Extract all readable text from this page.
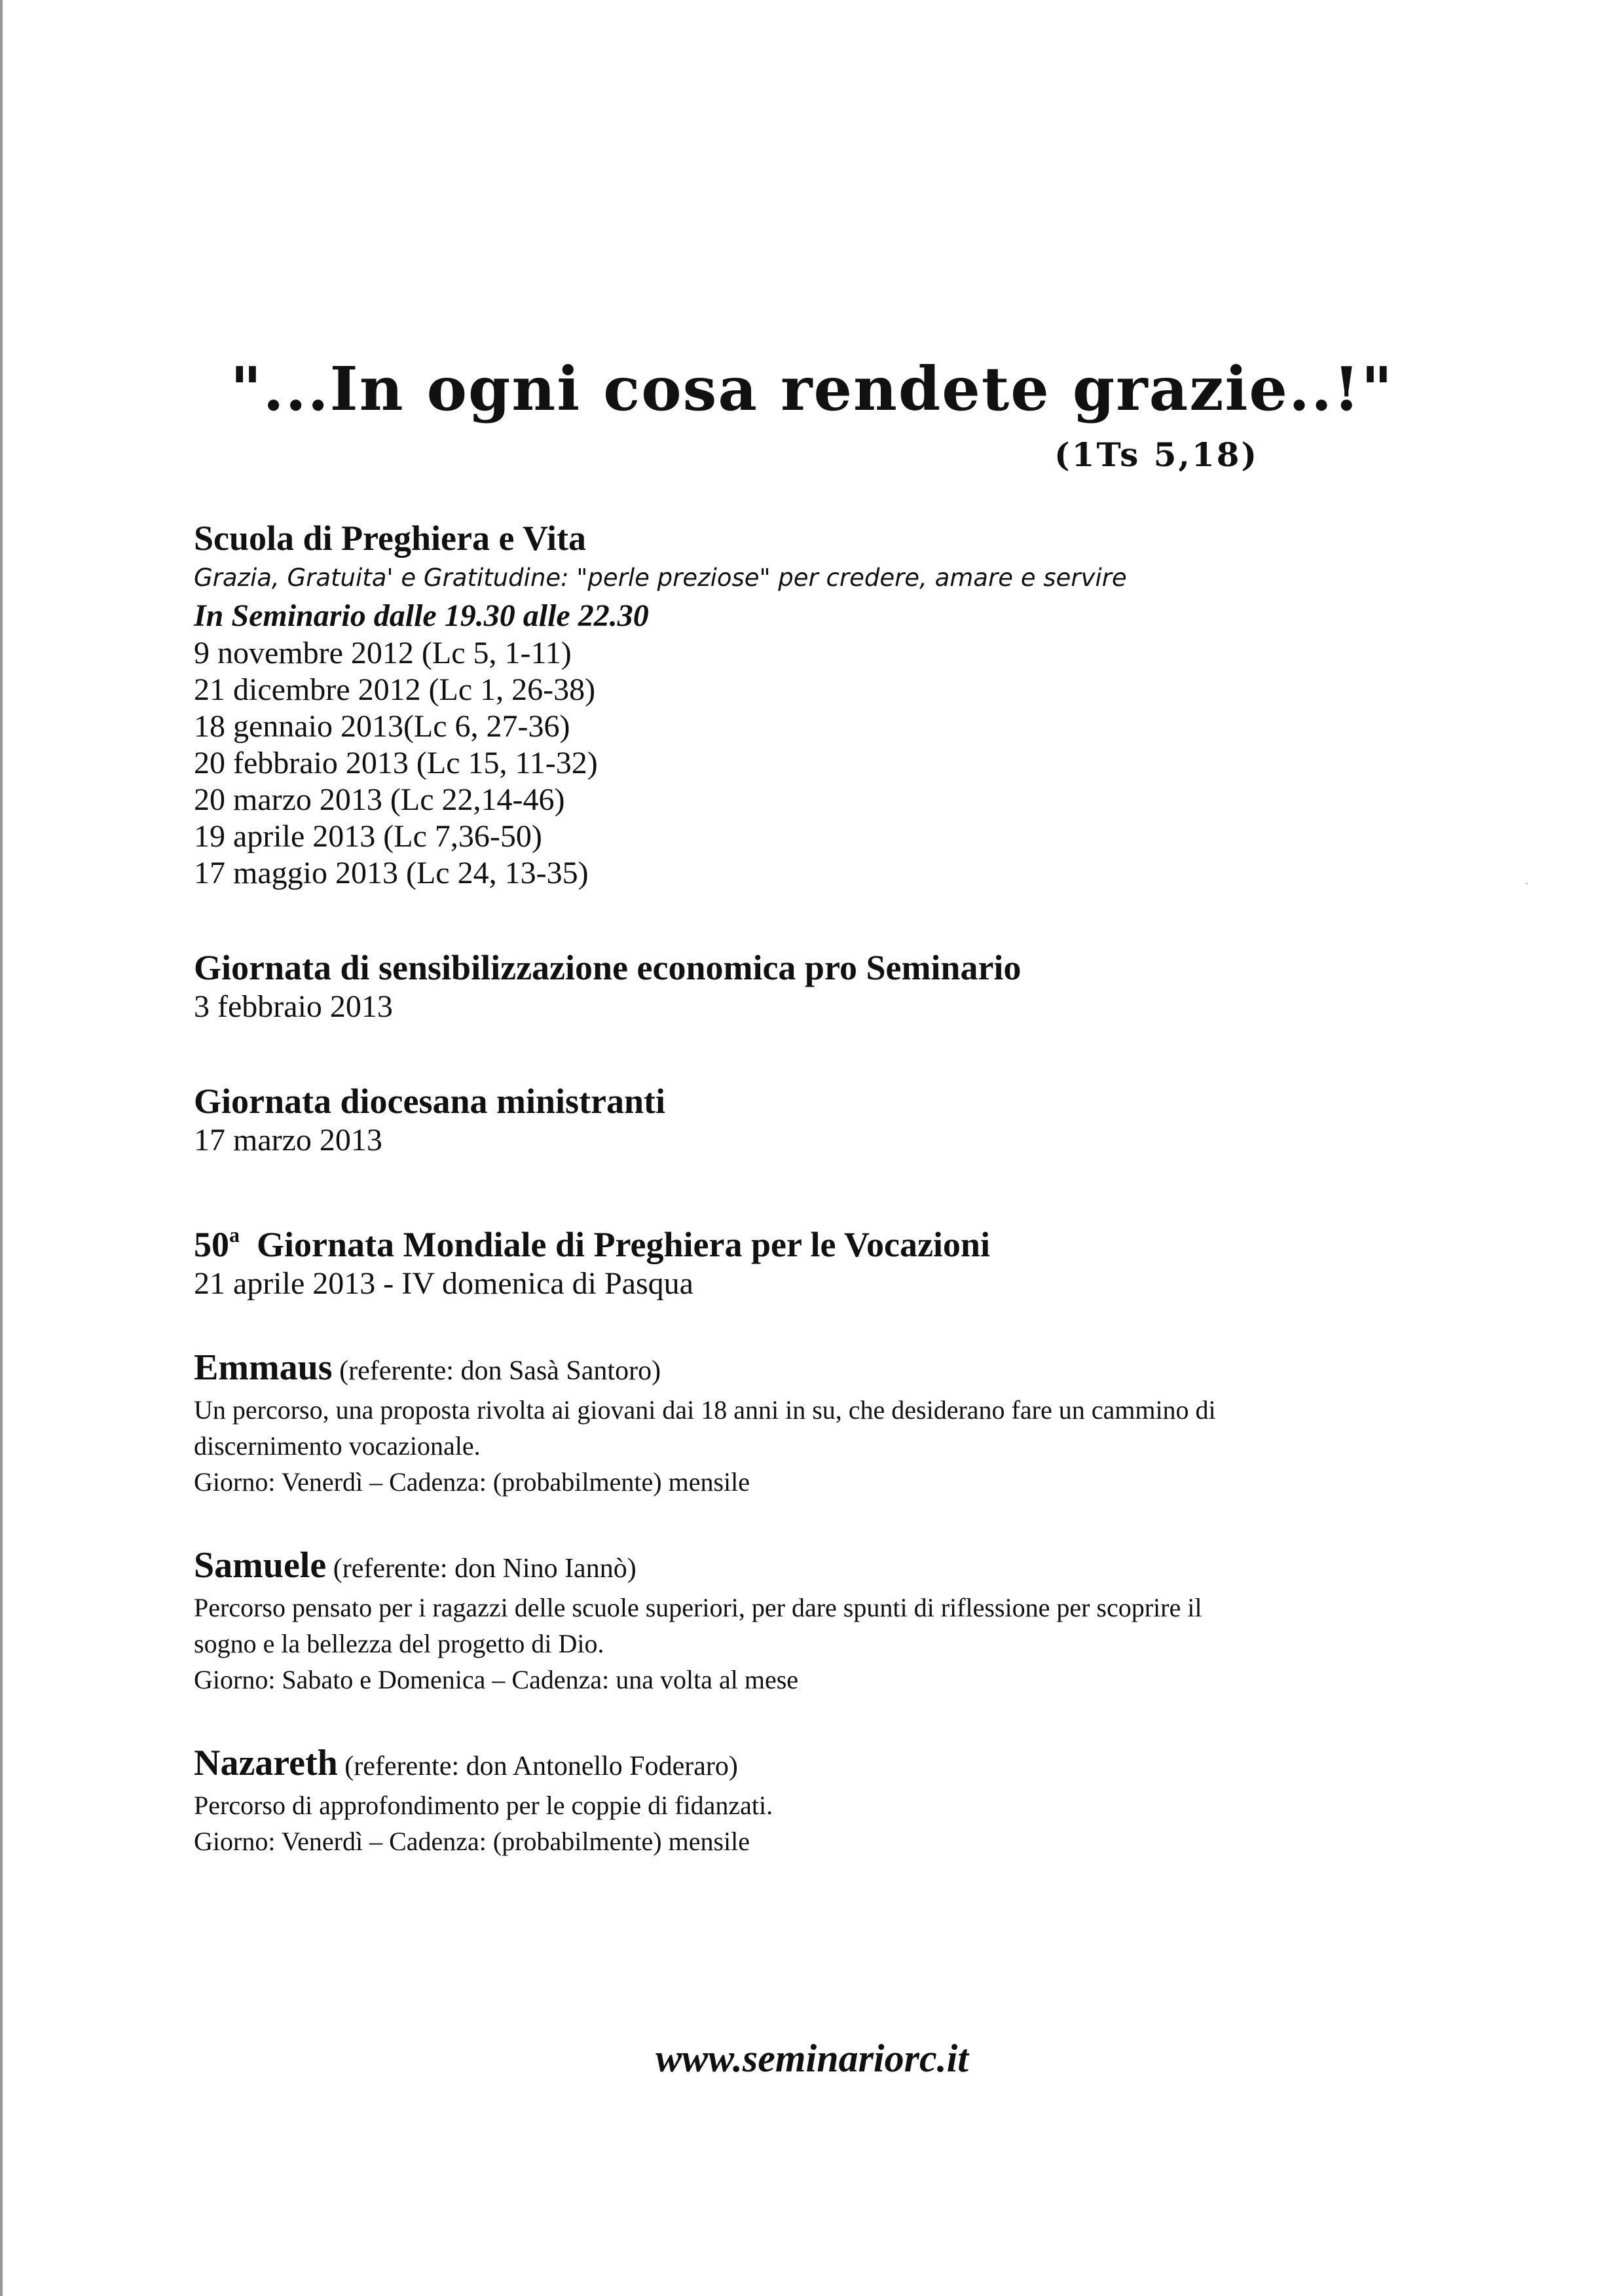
"...In ogni cosa rendete grazie..!"
(1Ts 5,18)
Scuola di Preghiera e Vita
Grazia, Gratuita' e Gratitudine: "perle preziose" per credere, amare e servire
In Seminario dalle 19.30 alle 22.30
9 novembre 2012 (Lc 5, 1-11)
21 dicembre 2012 (Lc 1, 26-38)
18 gennaio 2013(Lc 6, 27-36)
20 febbraio 2013 (Lc 15, 11-32)
20 marzo 2013 (Lc 22,14-46)
19 aprile 2013 (Lc 7,36-50)
17 maggio 2013 (Lc 24, 13-35)
Giornata di sensibilizzazione economica pro Seminario
3 febbraio 2013
Giornata diocesana ministranti
17 marzo 2013
50$^a$ Giornata Mondiale di Preghiera per le Vocazioni
21 aprile 2013 - IV domenica di Pasqua
Emmaus (referente: don Sasà Santoro)
Un percorso, una proposta rivolta ai giovani dai 18 anni in su, che desiderano fare un cammino di
discernimento vocazionale.
Giorno: Venerdì – Cadenza: (probabilmente) mensile
Samuele (referente: don Nino Iannò)
Percorso pensato per i ragazzi delle scuole superiori, per dare spunti di riflessione per scoprire il
sogno e la bellezza del progetto di Dio.
Giorno: Sabato e Domenica – Cadenza: una volta al mese
Nazareth (referente: don Antonello Foderaro)
Percorso di approfondimento per le coppie di fidanzati.
Giorno: Venerdì – Cadenza: (probabilmente) mensile

www.seminariorc.it
